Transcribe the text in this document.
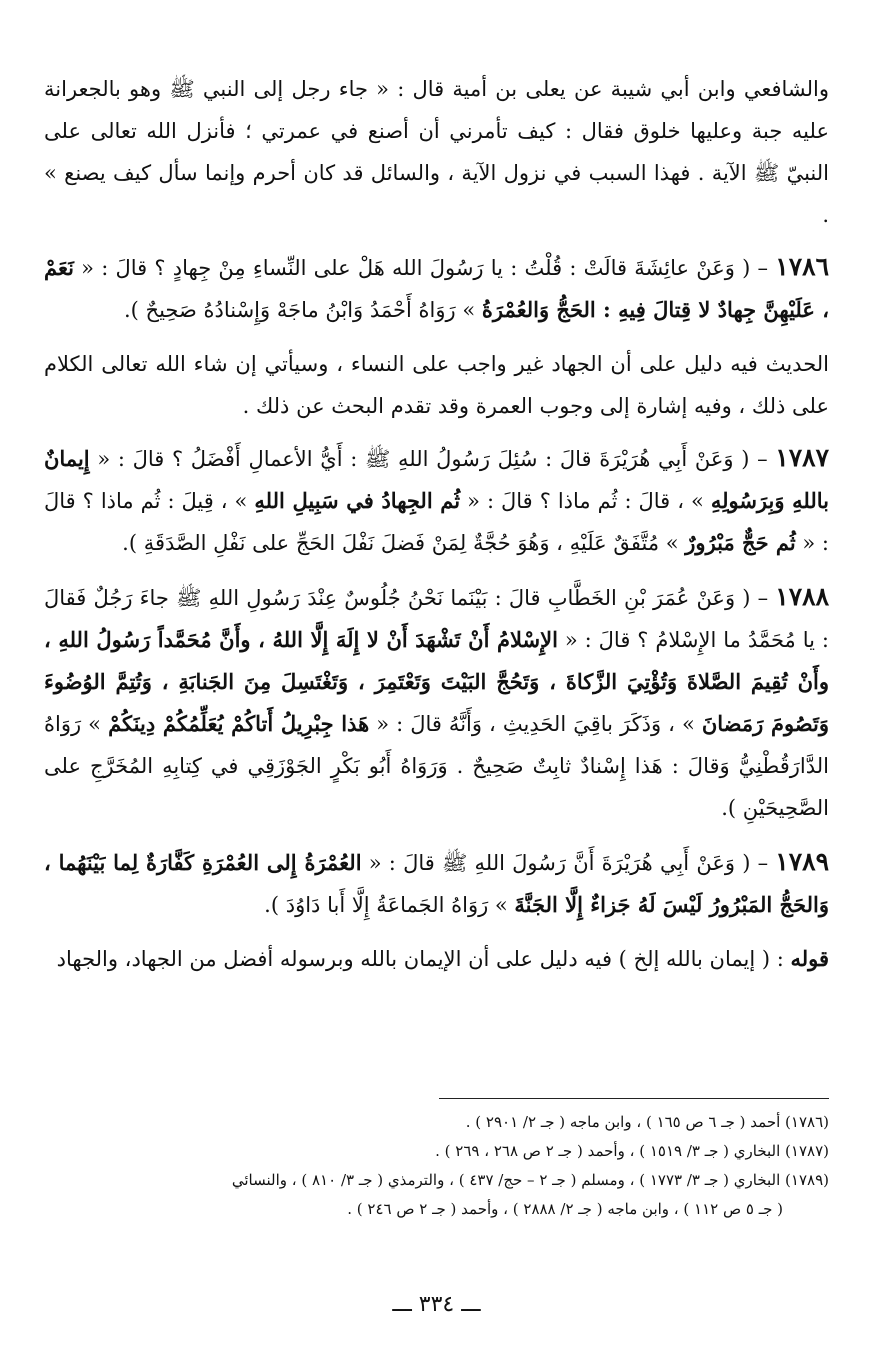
والشافعي وابن أبي شيبة عن يعلى بن أمية قال : « جاء رجل إلى النبي ﷺ وهو بالجعرانة عليه جبة وعليها خلوق فقال : كيف تأمرني أن أصنع في عمرتي ؛ فأنزل الله تعالى على النبيّ ﷺ الآية . فهذا السبب في نزول الآية ، والسائل قد كان أحرم وإنما سأل كيف يصنع » .

١٧٨٦ – ( وَعَنْ عائِشَةَ قالَتْ : قُلْتُ : يا رَسُولَ الله هَلْ على النِّساءِ مِنْ جِهادٍ ؟ قالَ : « نَعَمْ ، عَلَيْهِنَّ جِهادٌ لا قِتالَ فِيهِ : الحَجُّ وَالعُمْرَةُ » رَوَاهُ أَحْمَدُ وَابْنُ ماجَهْ وَإِسْنادُهُ صَحِيحٌ ).

الحديث فيه دليل على أن الجهاد غير واجب على النساء ، وسيأتي إن شاء الله تعالى الكلام على ذلك ، وفيه إشارة إلى وجوب العمرة وقد تقدم البحث عن ذلك .

١٧٨٧ – ( وَعَنْ أَبِي هُرَيْرَةَ قالَ : سُئِلَ رَسُولُ اللهِ ﷺ : أَيُّ الأعمالِ أَفْضَلُ ؟ قالَ : « إِيمانٌ باللهِ وَبِرَسُولِهِ » ، قالَ : ثُم ماذا ؟ قالَ : « ثُم الجِهادُ في سَبِيلِ اللهِ » ، قِيلَ : ثُم ماذا ؟ قالَ : « ثُم حَجٌّ مَبْرُورٌ » مُتَّفَقٌ عَلَيْهِ ، وَهُوَ حُجَّةٌ لِمَنْ فَضلَ نَفْلَ الحَجِّ على نَفْلِ الصَّدَقَةِ ).

١٧٨٨ – ( وَعَنْ عُمَرَ بْنِ الخَطَّابِ قالَ : بَيْنَما نَحْنُ جُلُوسٌ عِنْدَ رَسُولِ اللهِ ﷺ جاءَ رَجُلٌ فَقالَ : يا مُحَمَّدُ ما الإِسْلامُ ؟ قالَ : « الإِسْلامُ أَنْ تَشْهَدَ أَنْ لا إِلَهَ إِلَّا اللهُ ، وأَنَّ مُحَمَّداً رَسُولُ اللهِ ، وأَنْ تُقِيمَ الصَّلاةَ وَتُؤْتِيَ الزَّكاةَ ، وَتَحُجَّ البَيْتَ وَتَعْتَمِرَ ، وَتَغْتَسِلَ مِنَ الجَنابَةِ ، وَتُتِمَّ الوُضُوءَ وَتَصُومَ رَمَضانَ » ، وَذَكَرَ باقِيَ الحَدِيثِ ، وَأَنَّهُ قالَ : « هَذا جِبْرِيلُ أَتاكُمْ يُعَلِّمُكُمْ دِينَكُمْ » رَوَاهُ الدَّارَقُطْنِيُّ وَقالَ : هَذا إِسْنادٌ ثابِتٌ صَحِيحٌ . وَرَوَاهُ أَبُو بَكْرٍ الجَوْزَقِي في كِتابِهِ المُخَرَّجِ على الصَّحِيحَيْنِ ).

١٧٨٩ – ( وَعَنْ أَبِي هُرَيْرَةَ أَنَّ رَسُولَ اللهِ ﷺ قالَ : « العُمْرَةُ إِلى العُمْرَةِ كَفَّارَةٌ لِما بَيْنَهُما ، وَالحَجُّ المَبْرُورُ لَيْسَ لَهُ جَزاءٌ إِلَّا الجَنَّةَ » رَوَاهُ الجَماعَةُ إِلَّا أَبا دَاوُدَ ).

قوله : ( إيمان بالله إلخ ) فيه دليل على أن الإيمان بالله وبرسوله أفضل من الجهاد، والجهاد

(١٧٨٦) أحمد ( جـ ٦ ص ١٦٥ ) ، وابن ماجه ( جـ ٢/ ٢٩٠١ ) .
(١٧٨٧) البخاري ( جـ ٣/ ١٥١٩ ) ، وأحمد ( جـ ٢ ص ٢٦٨ ، ٢٦٩ ) .
(١٧٨٩) البخاري ( جـ ٣/ ١٧٧٣ ) ، ومسلم ( جـ ٢ – حج/ ٤٣٧ ) ، والترمذي ( جـ ٣/ ٨١٠ ) ، والنسائي
( جـ ٥ ص ١١٢ ) ، وابن ماجه ( جـ ٢/ ٢٨٨٨ ) ، وأحمد ( جـ ٢ ص ٢٤٦ ) .
ـــ ٣٣٤ ـــ
